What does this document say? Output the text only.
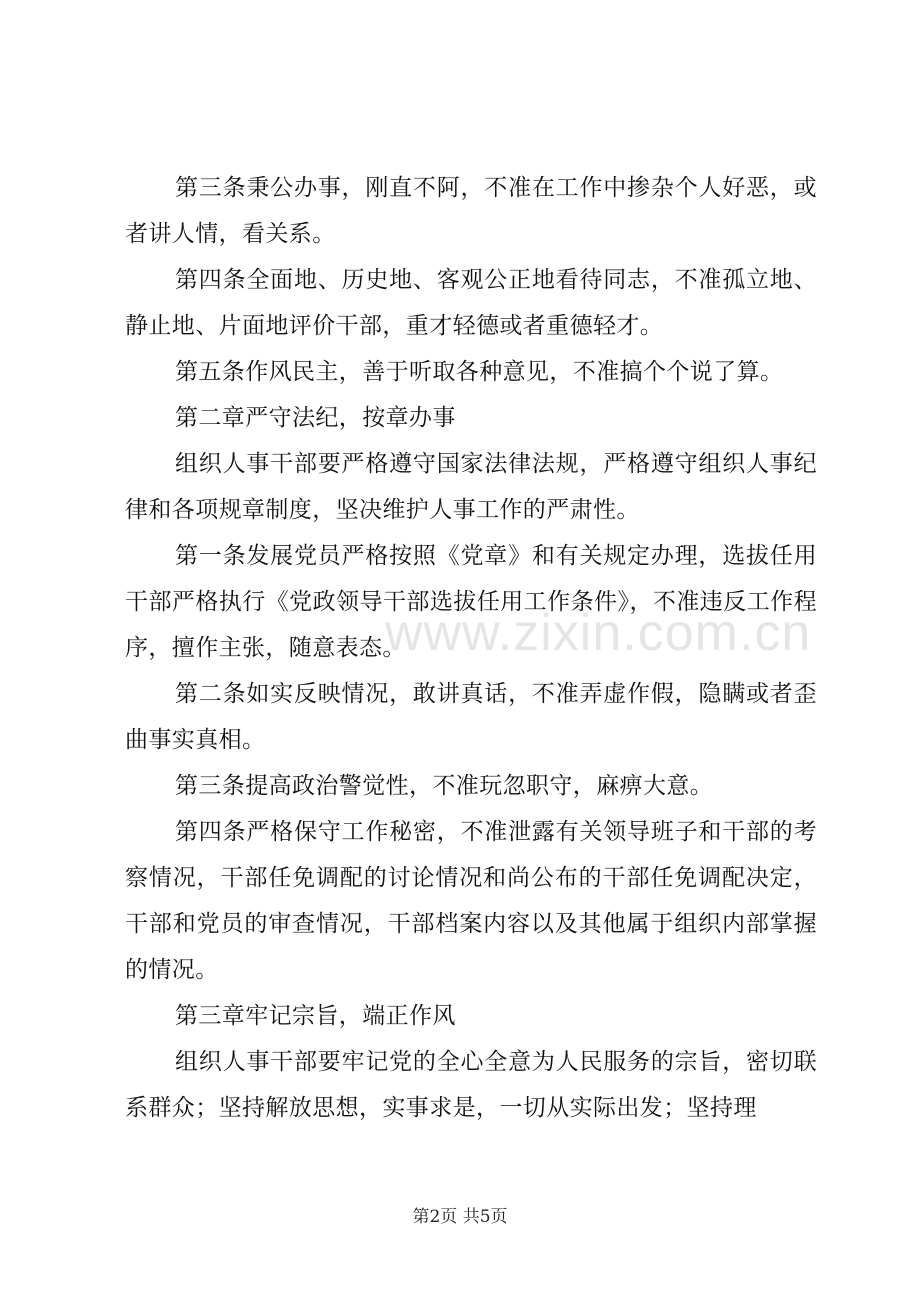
第三条秉公办事，刚直不阿，不准在工作中掺杂个人好恶，或者讲人情，看关系。

第四条全面地、历史地、客观公正地看待同志，不准孤立地、静止地、片面地评价干部，重才轻德或者重德轻才。

第五条作风民主，善于听取各种意见，不准搞个个说了算。

第二章严守法纪，按章办事

组织人事干部要严格遵守国家法律法规，严格遵守组织人事纪律和各项规章制度，坚决维护人事工作的严肃性。

第一条发展党员严格按照《党章》和有关规定办理，选拔任用干部严格执行《党政领导干部选拔任用工作条件》，不准违反工作程序，擅作主张，随意表态。

第二条如实反映情况，敢讲真话，不准弄虚作假，隐瞒或者歪曲事实真相。

第三条提高政治警觉性，不准玩忽职守，麻痹大意。

第四条严格保守工作秘密，不准泄露有关领导班子和干部的考察情况，干部任免调配的讨论情况和尚公布的干部任免调配决定，干部和党员的审查情况，干部档案内容以及其他属于组织内部掌握的情况。

第三章牢记宗旨，端正作风

组织人事干部要牢记党的全心全意为人民服务的宗旨，密切联系群众；坚持解放思想，实事求是，一切从实际出发；坚持理

www.zixin.com.cn
第2页 共5页
